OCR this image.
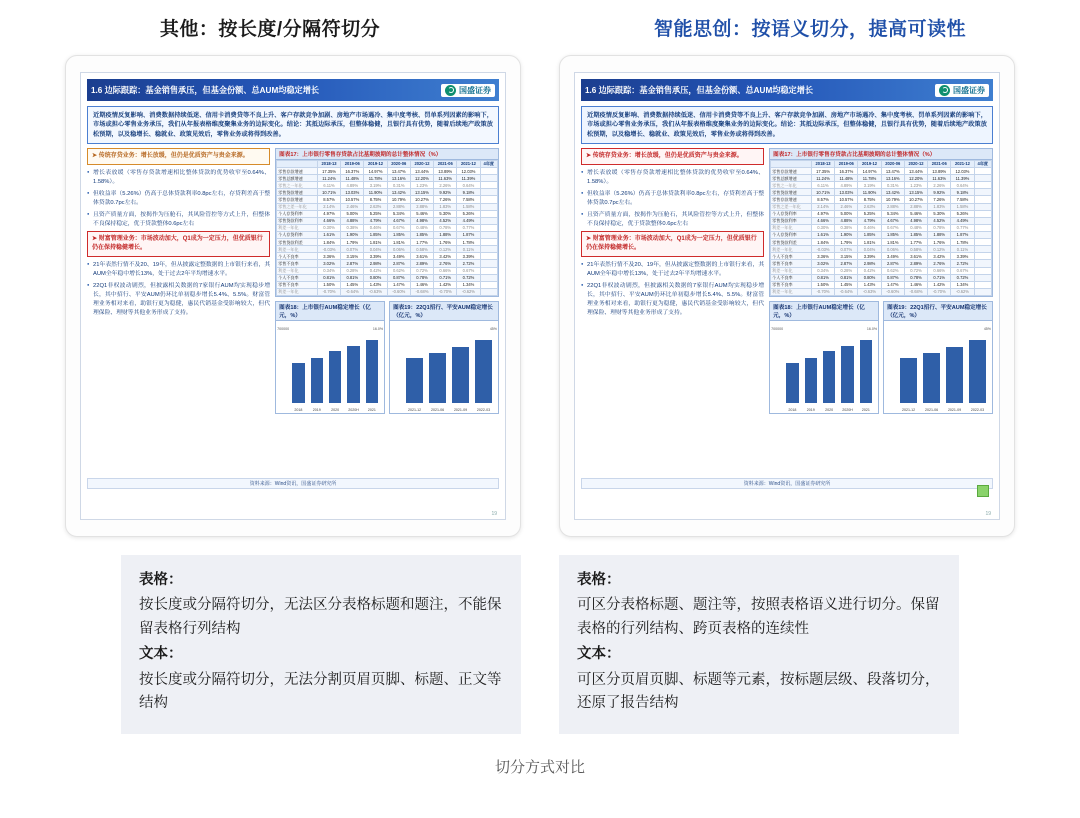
其他：按长度/分隔符切分	智能思创：按语义切分，提高可读性
1.6 边际跟踪：基金销售承压，但基金份额、总AUM均稳定增长	国盛证券
近期疫情反复影响、消费数据持续低迷、信用卡消费贷等不良上升、客户存款竞争加剧、房地产市场遇冷、集中度考核、罚单系列因素的影响下，市场或担心零售业务承压，我们从年报表格维度聚集业务的边际变化。结论：其抵边际承压，但整体稳健，且银行具有优势，随着后续地产政策放松预期，以及稳增长、稳就业、政策见效后，零售业务或将得到改善。
➤ 传统存贷业务：增长放缓，但仍是优质资产与贵金来源。
● 增长表放缓（零售存贷款增速相比整体贷款的优势收窄至0.64%、1.58%）。
● 但收益率（5.26%）仍高于总体贷款利率0.8pc左右，存贷利差高于整体贷款0.7pc左右。
● 且资产质量方面，按揭作为压舱石，其风险管控等方式上升，但整体不良保持稳定，优于贷款整体0.6pc左右
➤ 财富管理业务：市场波动加大，Q1成为一定压力，但优质银行仍在保持稳健增长。
● 21年表然行情不及20、19年，但从披露定整数据的上市银行来看，其AUM全年稳中增长13%，处于过去2年平均增速水平。
● 22Q1非权波动剧烈，但披露相关数据的7家银行AUM均实现稳步增长，其中招行、平安AUM仍环比单初稳步增长5.4%、5.5%。财富管理业务相对来看，助银行更为稳健，惠民代销基金受影响较大，但代理保险、理财等其他业务形成了支持。
图表17：上市银行零售存贷款占比基期披期的总计整体情况（%）
	2018-13	2019-06	2019-12	2020-06	2020-12	2021-06	2021-12	4年度
零售存款增速	17.35%	16.37%	14.97%	13.47%	13.44%	13.89%	12.03%	
零售总额增速	11.24%	11.48%	11.78%	13.16%	12.20%	11.63%	11.39%	
零售之一年化	6.11%	4.89%	3.19%	0.31%	1.23%	2.26%	0.64%	
零售贷款增速	10.71%	13.03%	11.90%	13.42%	13.15%	9.92%	9.18%	
零售存款增速	8.57%	10.57%	8.75%	10.79%	10.27%	7.26%	7.58%	
零售之差一年化	2.14%	2.46%	2.63%	2.88%	2.88%	1.83%	1.58%	
个人存贷利率	4.97%	5.00%	5.25%	5.34%	5.46%	5.30%	5.26%	
零售贷款利率	4.66%	4.88%	4.79%	4.67%	4.98%	4.52%	4.49%	
利差一年化	0.30%	0.38%	0.46%	0.67%	0.48%	0.78%	0.77%	
个人存贷利率	1.61%	1.90%	1.85%	1.85%	1.85%	1.88%	1.87%	
零售贷款利差	1.84%	1.79%	1.81%	1.81%	1.77%	1.76%	1.78%	
利差一年化	-0.03%	0.07%	0.04%	0.06%	0.58%	0.12%	0.11%	
个人不良率	3.36%	3.15%	3.39%	3.49%	3.61%	3.42%	3.39%	
零售不良率	3.02%	2.87%	2.98%	2.87%	2.89%	2.76%	2.72%	
利差一年化	0.34%	0.28%	0.42%	0.62%	0.72%	0.66%	0.67%	
个人不良率	0.81%	0.81%	0.80%	0.87%	0.78%	0.71%	0.72%	
零售不良率	1.50%	1.45%	1.43%	1.47%	1.46%	1.42%	1.34%	
利差一年化	-0.70%	-0.64%	-0.63%	-0.60%	-0.68%	-0.70%	-0.62%	
图表18：上市银行AUM稳定增长（亿元，%）
700000	16.0%
2018	2019	2020	2020H	2021
图表19：22Q1招行、平安AUM稳定增长（亿元，%）
45%
2021-12	2021-06	2021-09	2022-03
资料来源：Wind资讯，国盛证券研究所
19
1.6 边际跟踪：基金销售承压，但基金份额、总AUM均稳定增长	国盛证券
近期疫情反复影响、消费数据持续低迷、信用卡消费贷等不良上升、客户存款竞争加剧、房地产市场遇冷、集中度考核、罚单系列因素的影响下，市场或担心零售业务承压，我们从年报表格维度聚集业务的边际变化。结论：其抵边际承压，但整体稳健，且银行具有优势，随着后续地产政策放松预期，以及稳增长、稳就业、政策见效后，零售业务或将得到改善。
➤ 传统存贷业务：增长放缓，但仍是优质资产与贵金来源。
● 增长表放缓（零售存贷款增速相比整体贷款的优势收窄至0.64%、1.58%）。
● 但收益率（5.26%）仍高于总体贷款利率0.8pc左右，存贷利差高于整体贷款0.7pc左右。
● 且资产质量方面，按揭作为压舱石，其风险管控等方式上升，但整体不良保持稳定，优于贷款整体0.6pc左右
➤ 财富管理业务：市场波动加大，Q1成为一定压力，但优质银行仍在保持稳健增长。
● 21年表然行情不及20、19年，但从披露定整数据的上市银行来看，其AUM全年稳中增长13%，处于过去2年平均增速水平。
● 22Q1非权波动剧烈，但披露相关数据的7家银行AUM均实现稳步增长，其中招行、平安AUM仍环比单初稳步增长5.4%、5.5%。财富管理业务相对来看，助银行更为稳健，惠民代销基金受影响较大，但代理保险、理财等其他业务形成了支持。
图表17：上市银行零售存贷款占比基期披期的总计整体情况（%）
	2018-13	2019-06	2019-12	2020-06	2020-12	2021-06	2021-12	4年度
零售存款增速	17.35%	16.37%	14.97%	13.47%	13.44%	13.89%	12.03%	
零售总额增速	11.24%	11.48%	11.78%	13.16%	12.20%	11.63%	11.39%	
零售之一年化	6.11%	4.89%	3.19%	0.31%	1.23%	2.26%	0.64%	
零售贷款增速	10.71%	13.03%	11.90%	13.42%	13.15%	9.92%	9.18%	
零售存款增速	8.57%	10.57%	8.75%	10.79%	10.27%	7.26%	7.58%	
零售之差一年化	2.14%	2.46%	2.63%	2.88%	2.88%	1.83%	1.58%	
个人存贷利率	4.97%	5.00%	5.25%	5.34%	5.46%	5.30%	5.26%	
零售贷款利率	4.66%	4.88%	4.79%	4.67%	4.98%	4.52%	4.49%	
利差一年化	0.30%	0.38%	0.46%	0.67%	0.48%	0.78%	0.77%	
个人存贷利率	1.61%	1.90%	1.85%	1.85%	1.85%	1.88%	1.87%	
零售贷款利差	1.84%	1.79%	1.81%	1.81%	1.77%	1.76%	1.78%	
利差一年化	-0.03%	0.07%	0.04%	0.06%	0.58%	0.12%	0.11%	
个人不良率	3.36%	3.15%	3.39%	3.49%	3.61%	3.42%	3.39%	
零售不良率	3.02%	2.87%	2.98%	2.87%	2.89%	2.76%	2.72%	
利差一年化	0.34%	0.28%	0.42%	0.62%	0.72%	0.66%	0.67%	
个人不良率	0.81%	0.81%	0.80%	0.87%	0.78%	0.71%	0.72%	
零售不良率	1.50%	1.45%	1.43%	1.47%	1.46%	1.42%	1.34%	
利差一年化	-0.70%	-0.64%	-0.63%	-0.60%	-0.68%	-0.70%	-0.62%	
图表18：上市银行AUM稳定增长（亿元，%）
700000	16.0%
2018	2019	2020	2020H	2021
图表19：22Q1招行、平安AUM稳定增长（亿元，%）
45%
2021-12	2021-06	2021-09	2022-03
资料来源：Wind资讯，国盛证券研究所
19

表格：

按长度或分隔符切分，无法区分表格标题和题注，不能保留表格行列结构

文本：

按长度或分隔符切分，无法分割页眉页脚、标题、正文等结构

表格：

可区分表格标题、题注等，按照表格语义进行切分。保留表格的行列结构、跨页表格的连续性

文本：

可区分页眉页脚、标题等元素，按标题层级、段落切分，还原了报告结构

切分方式对比
